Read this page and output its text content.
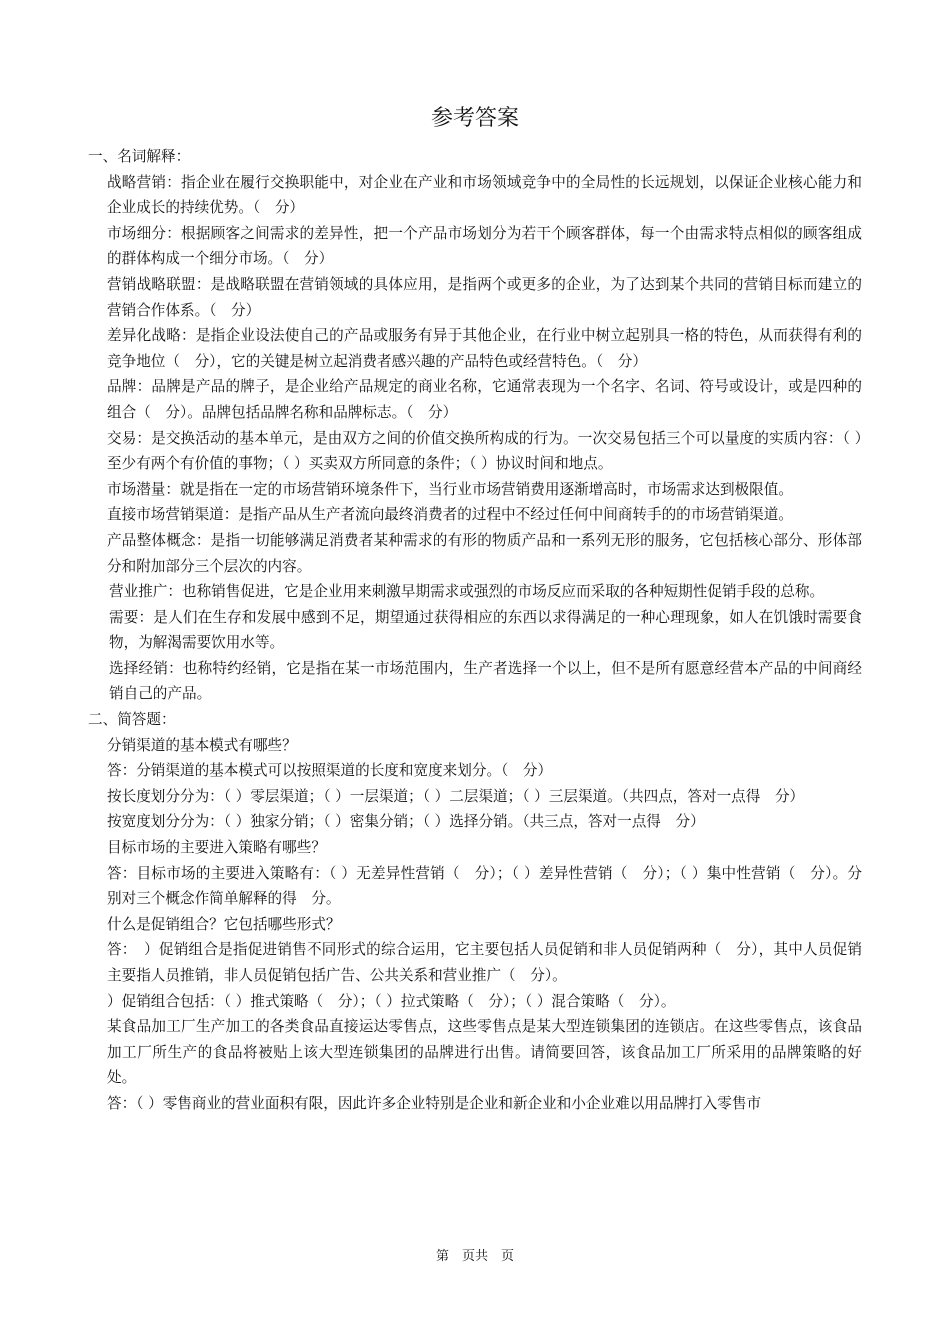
参考答案

一、名词解释：

战略营销：指企业在履行交换职能中，对企业在产业和市场领域竞争中的全局性的长远规划，以保证企业核心能力和企业成长的持续优势。（　分）

市场细分：根据顾客之间需求的差异性，把一个产品市场划分为若干个顾客群体，每一个由需求特点相似的顾客组成的群体构成一个细分市场。（　分）

营销战略联盟：是战略联盟在营销领域的具体应用，是指两个或更多的企业，为了达到某个共同的营销目标而建立的营销合作体系。（　分）

差异化战略：是指企业设法使自己的产品或服务有异于其他企业，在行业中树立起别具一格的特色，从而获得有利的竞争地位（　分），它的关键是树立起消费者感兴趣的产品特色或经营特色。（　分）

品牌：品牌是产品的牌子，是企业给产品规定的商业名称，它通常表现为一个名字、名词、符号或设计，或是四种的组合（　分）。品牌包括品牌名称和品牌标志。（　分）

交易：是交换活动的基本单元，是由双方之间的价值交换所构成的行为。一次交易包括三个可以量度的实质内容：（ ）至少有两个有价值的事物；（ ）买卖双方所同意的条件；（ ）协议时间和地点。

市场潜量：就是指在一定的市场营销环境条件下，当行业市场营销费用逐渐增高时，市场需求达到极限值。

直接市场营销渠道：是指产品从生产者流向最终消费者的过程中不经过任何中间商转手的的市场营销渠道。

产品整体概念：是指一切能够满足消费者某种需求的有形的物质产品和一系列无形的服务，它包括核心部分、形体部分和附加部分三个层次的内容。

营业推广：也称销售促进，它是企业用来刺激早期需求或强烈的市场反应而采取的各种短期性促销手段的总称。

需要：是人们在生存和发展中感到不足，期望通过获得相应的东西以求得满足的一种心理现象，如人在饥饿时需要食物，为解渴需要饮用水等。

选择经销：也称特约经销，它是指在某一市场范围内，生产者选择一个以上，但不是所有愿意经营本产品的中间商经销自己的产品。

二、简答题：

分销渠道的基本模式有哪些？

答：分销渠道的基本模式可以按照渠道的长度和宽度来划分。（　分）

按长度划分分为：（ ）零层渠道；（ ）一层渠道；（ ）二层渠道；（ ）三层渠道。（共四点，答对一点得　分）

按宽度划分分为：（ ）独家分销；（ ）密集分销；（ ）选择分销。（共三点，答对一点得　分）

目标市场的主要进入策略有哪些？

答：目标市场的主要进入策略有：（ ）无差异性营销（　分）；（ ）差异性营销（　分）；（ ）集中性营销（　分）。分别对三个概念作简单解释的得　分。

什么是促销组合？它包括哪些形式？

答：　）促销组合是指促进销售不同形式的综合运用，它主要包括人员促销和非人员促销两种（　分），其中人员促销主要指人员推销，非人员促销包括广告、公共关系和营业推广（　分）。

）促销组合包括：（ ）推式策略（　分）；（ ）拉式策略（　分）；（ ）混合策略（　分）。

某食品加工厂生产加工的各类食品直接运达零售点，这些零售点是某大型连锁集团的连锁店。在这些零售点，该食品加工厂所生产的食品将被贴上该大型连锁集团的品牌进行出售。请简要回答，该食品加工厂所采用的品牌策略的好处。

答：（ ）零售商业的营业面积有限，因此许多企业特别是企业和新企业和小企业难以用品牌打入零售市

第　页共　页
